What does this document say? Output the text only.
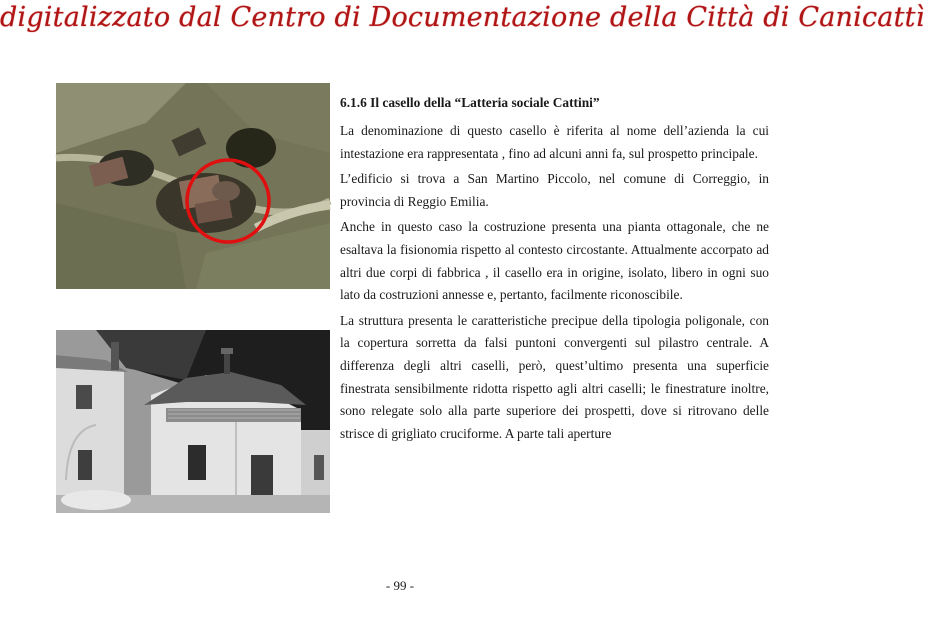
digitalizzato dal Centro di Documentazione della Città di Canicattì
6.1.6 Il casello della “Latteria sociale Cattini”

La denominazione di questo casello è riferita al nome dell’azienda la cui intestazione era rappresentata , fino ad alcuni anni fa, sul prospetto principale.

L’edificio si trova a San Martino Piccolo, nel comune di Correggio, in provincia di Reggio Emilia.

Anche in questo caso la costruzione presenta una pianta ottagonale, che ne esaltava la fisionomia rispetto al contesto circostante. Attualmente accorpato ad altri due corpi di fabbrica , il casello era in origine, isolato, libero in ogni suo lato da costruzioni annesse e, pertanto, facilmente riconoscibile.

La struttura presenta le caratteristiche precipue della tipologia poligonale, con la copertura sorretta da falsi puntoni convergenti sul pilastro centrale. A differenza degli altri caselli, però, quest’ultimo presenta una superficie finestrata sensibilmente ridotta rispetto agli altri caselli; le finestrature inoltre, sono relegate solo alla parte superiore dei prospetti, dove si ritrovano delle strisce di grigliato cruciforme. A parte tali aperture

- 99 -
